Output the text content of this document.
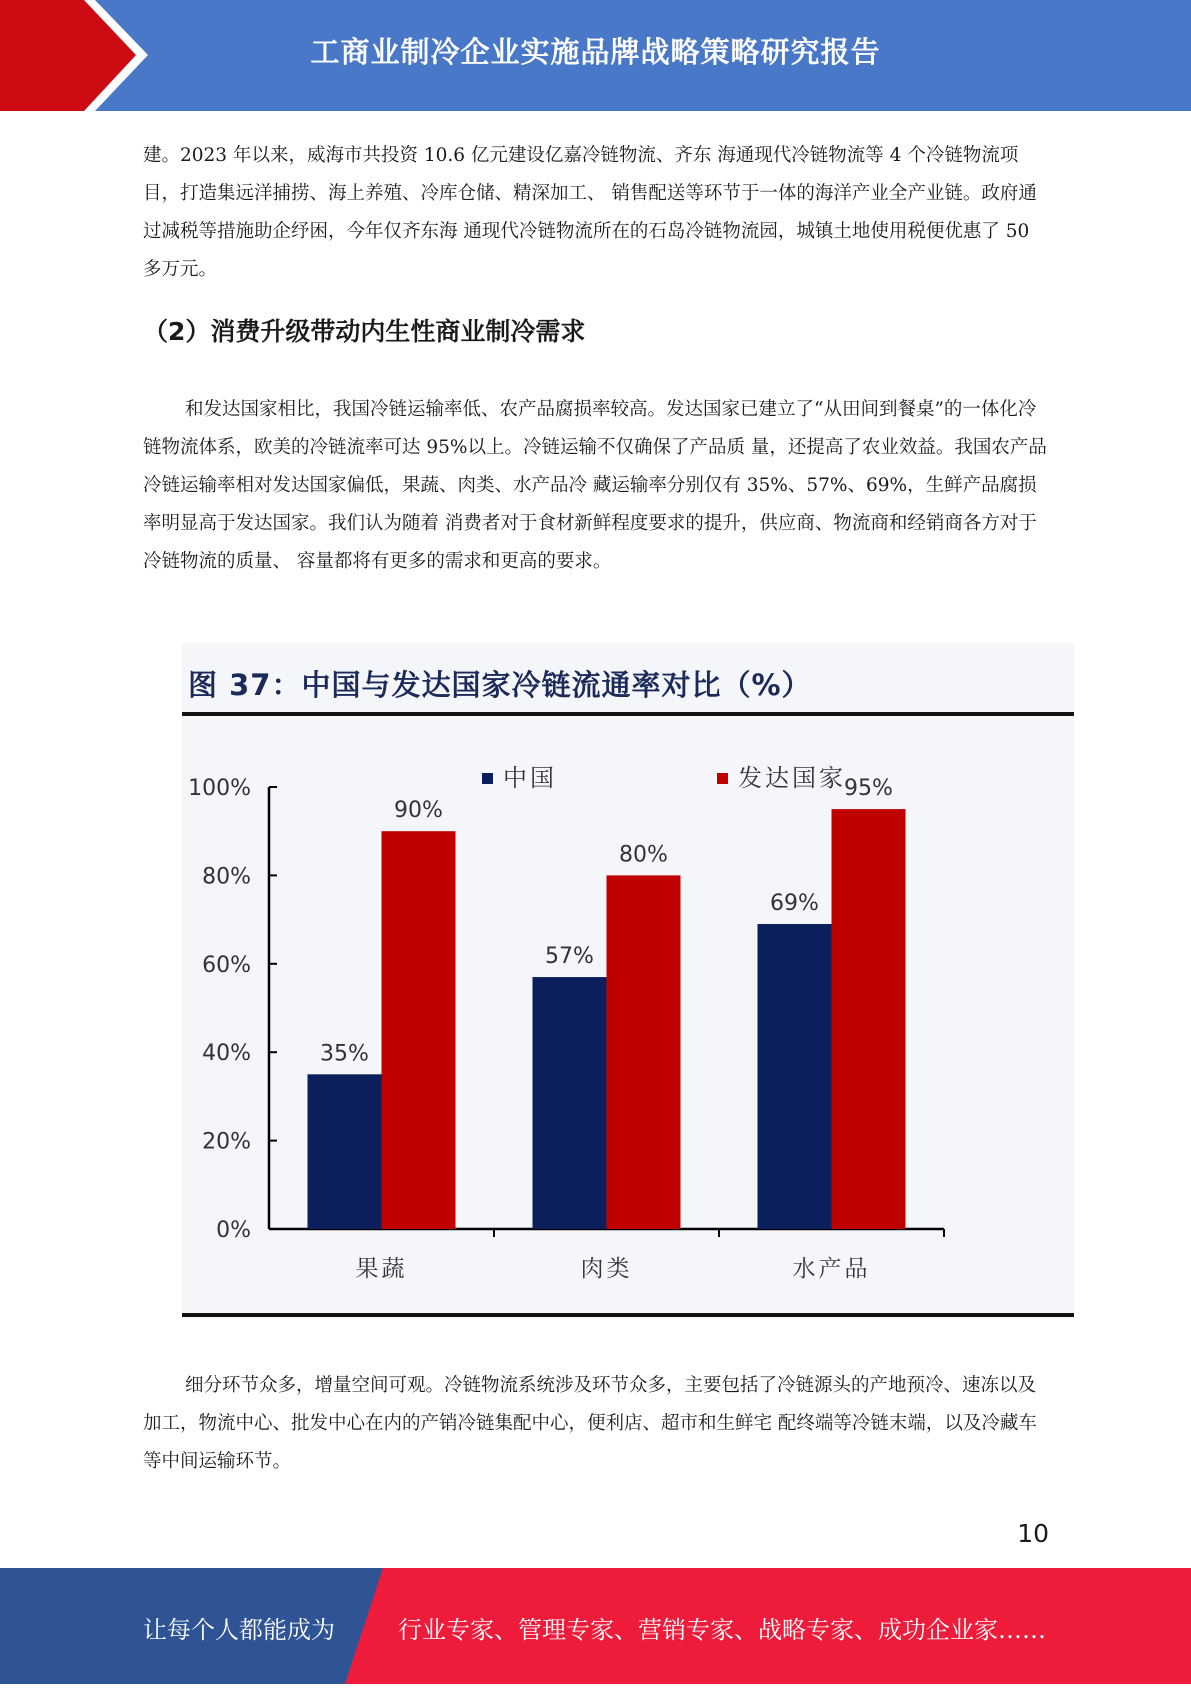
工商业制冷企业实施品牌战略策略研究报告

建。2023 年以来，威海市共投资 10.6 亿元建设亿嘉冷链物流、齐东 海通现代冷链物流等 4 个冷链物流项目，打造集远洋捕捞、海上养殖、冷库仓储、精深加工、 销售配送等环节于一体的海洋产业全产业链。政府通过减税等措施助企纾困，今年仅齐东海 通现代冷链物流所在的石岛冷链物流园，城镇土地使用税便优惠了 50 多万元。

（2）消费升级带动内生性商业制冷需求

和发达国家相比，我国冷链运输率低、农产品腐损率较高。发达国家已建立了“从田间到餐桌”的一体化冷链物流体系，欧美的冷链流率可达 95%以上。冷链运输不仅确保了产品质 量，还提高了农业效益。我国农产品冷链运输率相对发达国家偏低，果蔬、肉类、水产品冷 藏运输率分别仅有 35%、57%、69%，生鲜产品腐损率明显高于发达国家。我们认为随着 消费者对于食材新鲜程度要求的提升，供应商、物流商和经销商各方对于冷链物流的质量、 容量都将有更多的需求和更高的要求。

图 37：中国与发达国家冷链流通率对比（%）
0%
20%
40%
60%
80%
100%
果蔬
35%
90%
肉类
57%
80%
水产品
69%
95%
中国	发达国家

细分环节众多，增量空间可观。冷链物流系统涉及环节众多，主要包括了冷链源头的产地预冷、速冻以及加工，物流中心、批发中心在内的产销冷链集配中心，便利店、超市和生鲜宅 配终端等冷链末端，以及冷藏车等中间运输环节。

10
让每个人都能成为	行业专家、管理专家、营销专家、战略专家、成功企业家……
